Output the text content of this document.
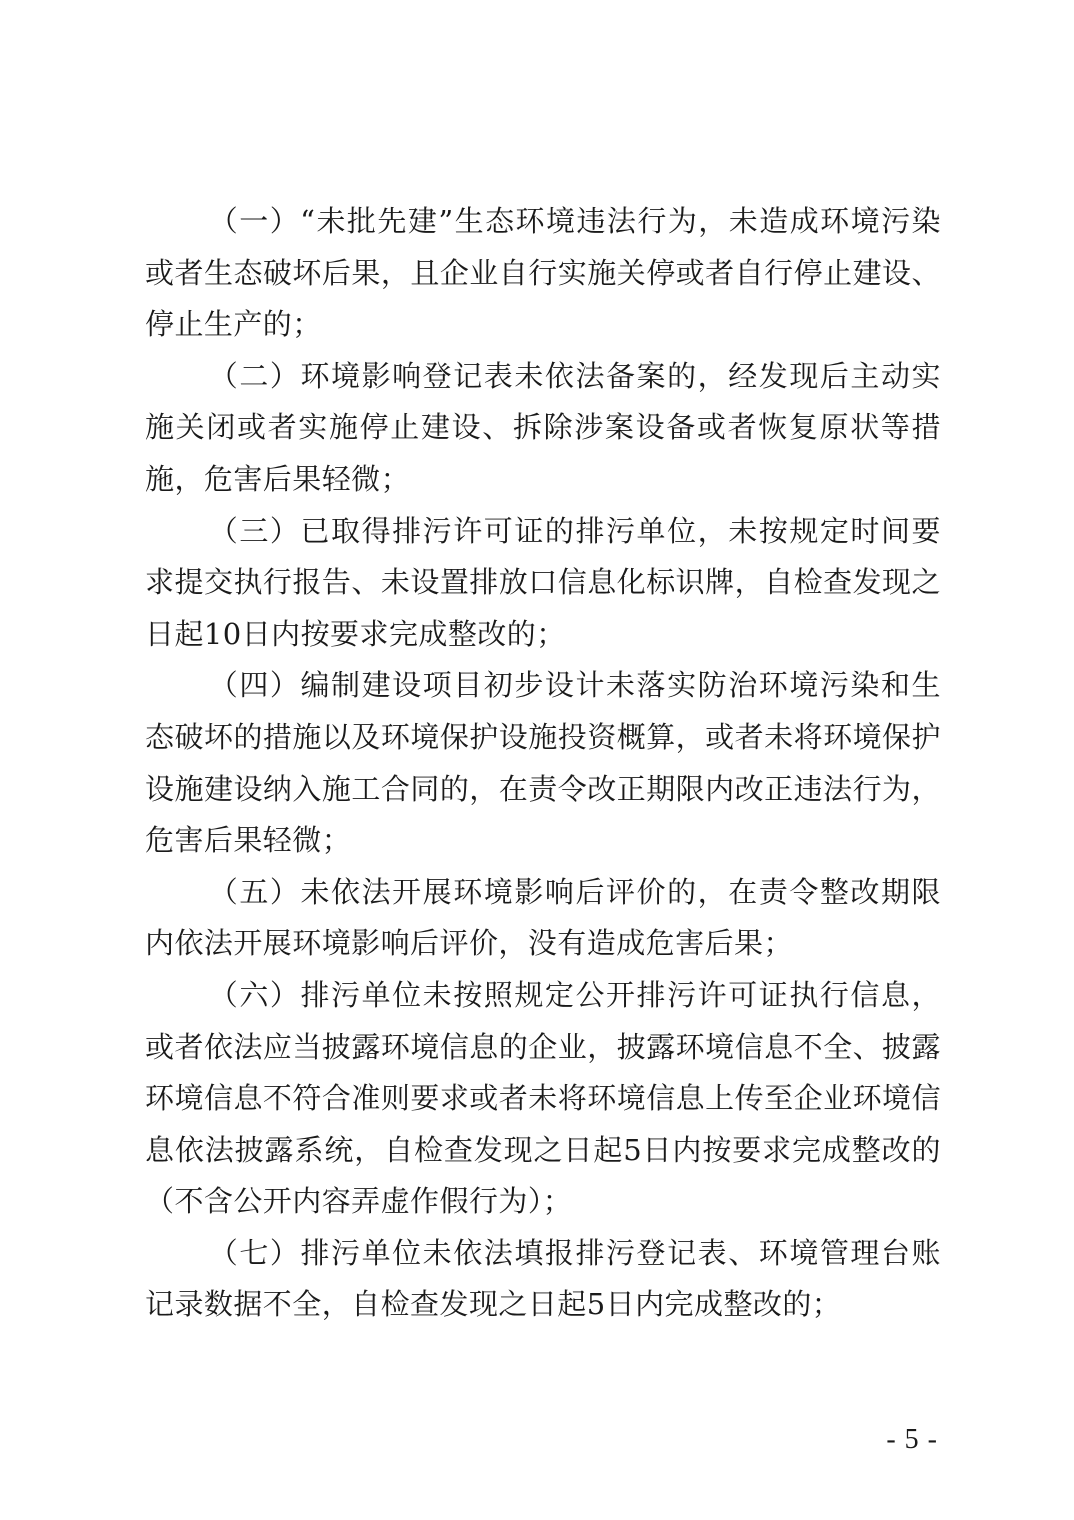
（一）“未批先建”生态环境违法行为，未造成环境污染或者生态破坏后果，且企业自行实施关停或者自行停止建设、停止生产的；

（二）环境影响登记表未依法备案的，经发现后主动实施关闭或者实施停止建设、拆除涉案设备或者恢复原状等措施，危害后果轻微；

（三）已取得排污许可证的排污单位，未按规定时间要求提交执行报告、未设置排放口信息化标识牌，自检查发现之日起10日内按要求完成整改的；

（四）编制建设项目初步设计未落实防治环境污染和生态破坏的措施以及环境保护设施投资概算，或者未将环境保护设施建设纳入施工合同的，在责令改正期限内改正违法行为，危害后果轻微；

（五）未依法开展环境影响后评价的，在责令整改期限内依法开展环境影响后评价，没有造成危害后果；

（六）排污单位未按照规定公开排污许可证执行信息，或者依法应当披露环境信息的企业，披露环境信息不全、披露环境信息不符合准则要求或者未将环境信息上传至企业环境信息依法披露系统，自检查发现之日起5日内按要求完成整改的（不含公开内容弄虚作假行为）；

（七）排污单位未依法填报排污登记表、环境管理台账记录数据不全，自检查发现之日起5日内完成整改的；

- 5 -
